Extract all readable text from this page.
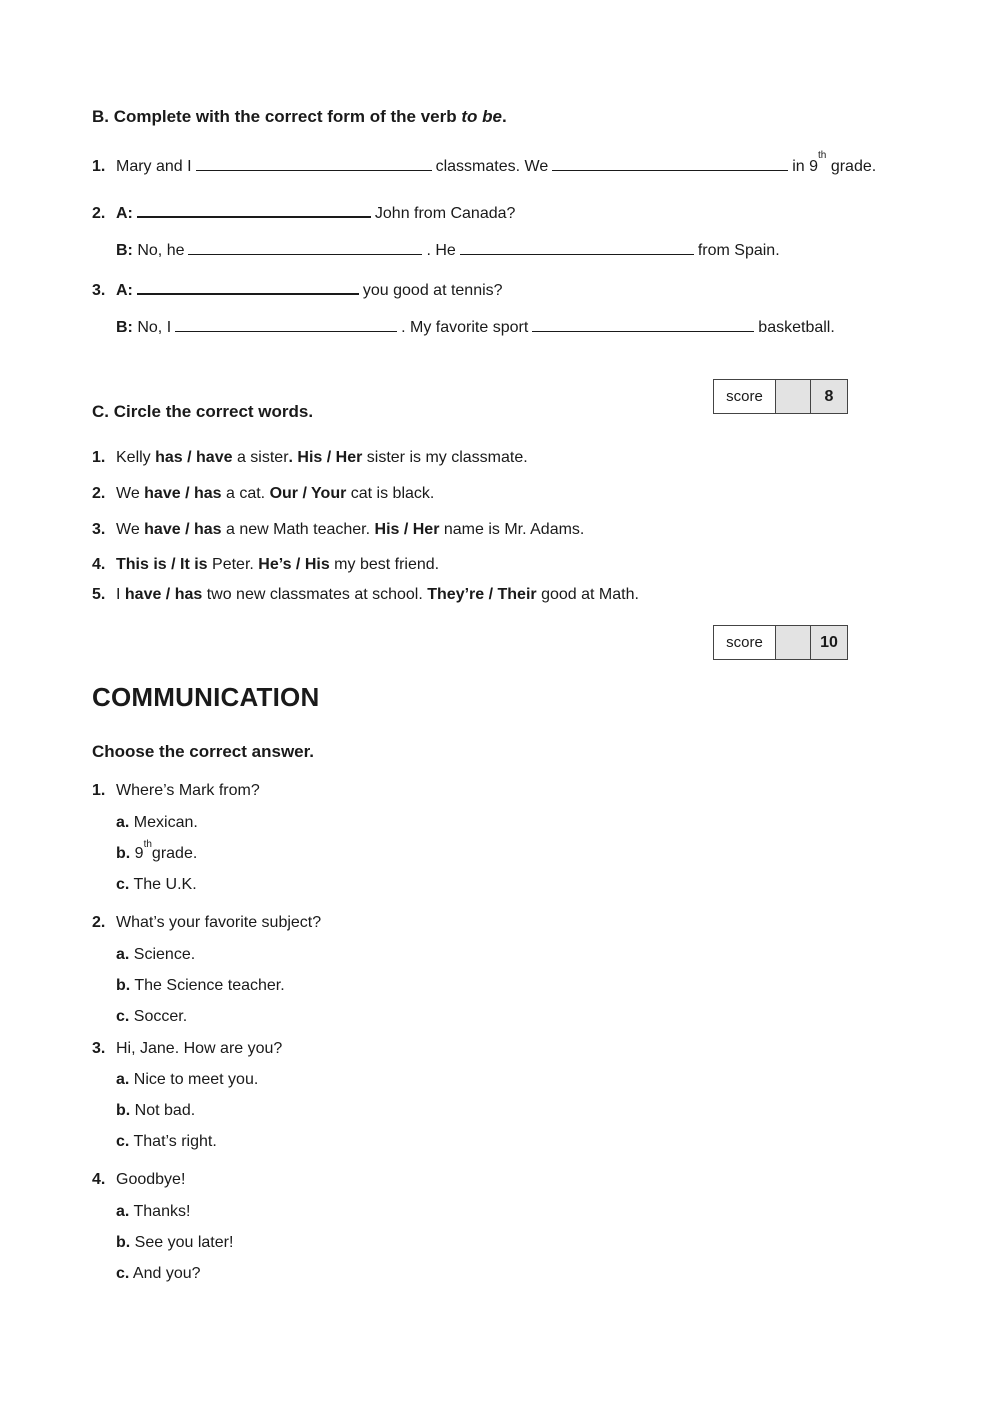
B. Complete with the correct form of the verb to be.
1. Mary and I	classmates. We	in 9th grade.
2. A:	John from Canada?
B: No, he	. He	from Spain.
3. A:	you good at tennis?
B: No, I	. My favorite sport	basketball.
score	8
C. Circle the correct words.
1. Kelly has / have a sister. His / Her sister is my classmate.
2. We have / has a cat. Our / Your cat is black.
3. We have / has a new Math teacher. His / Her name is Mr. Adams.
4. This is / It is Peter. He’s / His my best friend.
5. I have / has two new classmates at school. They’re / Their good at Math.
score	10
COMMUNICATION
Choose the correct answer.
1. Where’s Mark from?
a. Mexican.
b. 9thgrade.
c. The U.K.
2. What’s your favorite subject?
a. Science.
b. The Science teacher.
c. Soccer.
3. Hi, Jane. How are you?
a. Nice to meet you.
b. Not bad.
c. That’s right.
4. Goodbye!
a. Thanks!
b. See you later!
c. And you?
